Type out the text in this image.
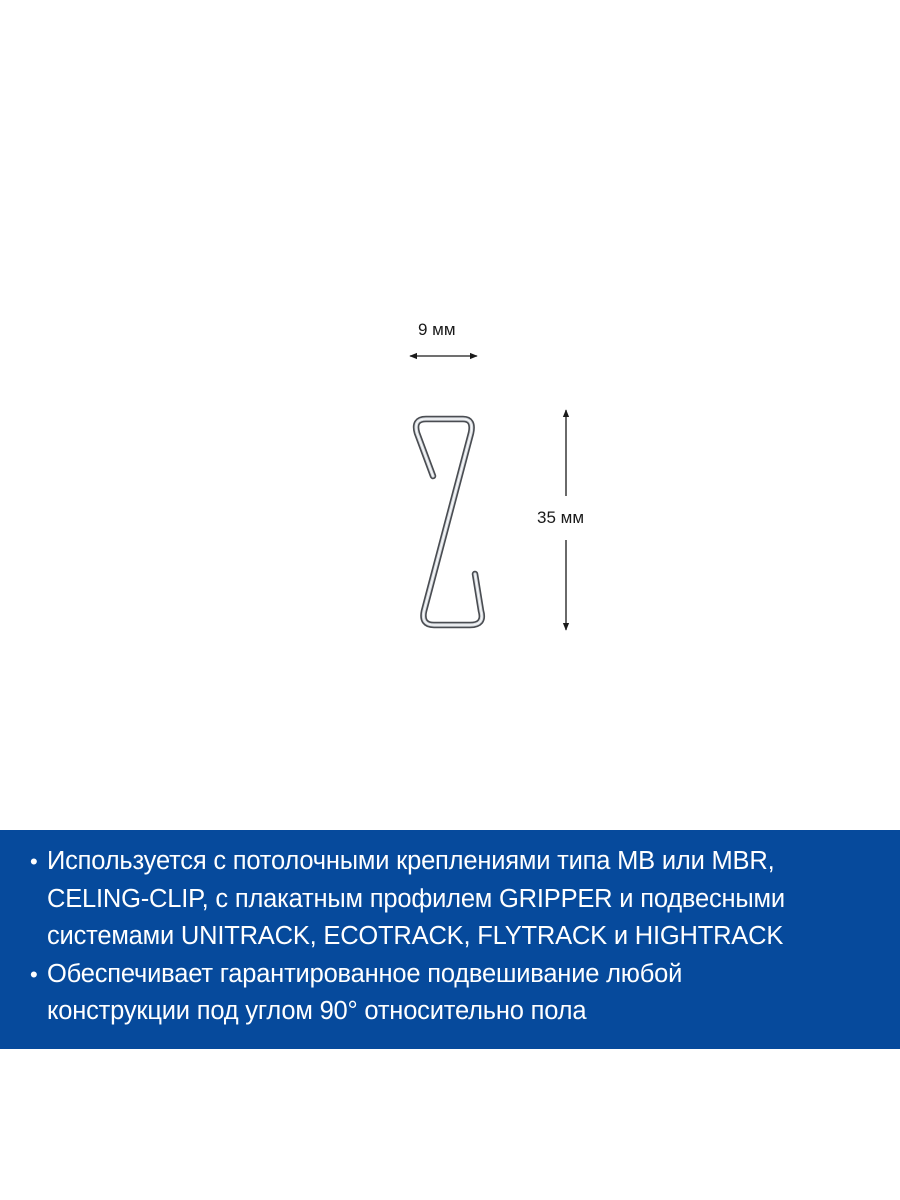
9 мм
35 мм
• Используется с потолочными креплениями типа MB или MBR,
CELING-CLIP, с плакатным профилем GRIPPER и подвесными
системами UNITRACK, ECOTRACK, FLYTRACK и HIGHTRACK
• Обеспечивает гарантированное подвешивание любой
конструкции под углом 90° относительно пола
